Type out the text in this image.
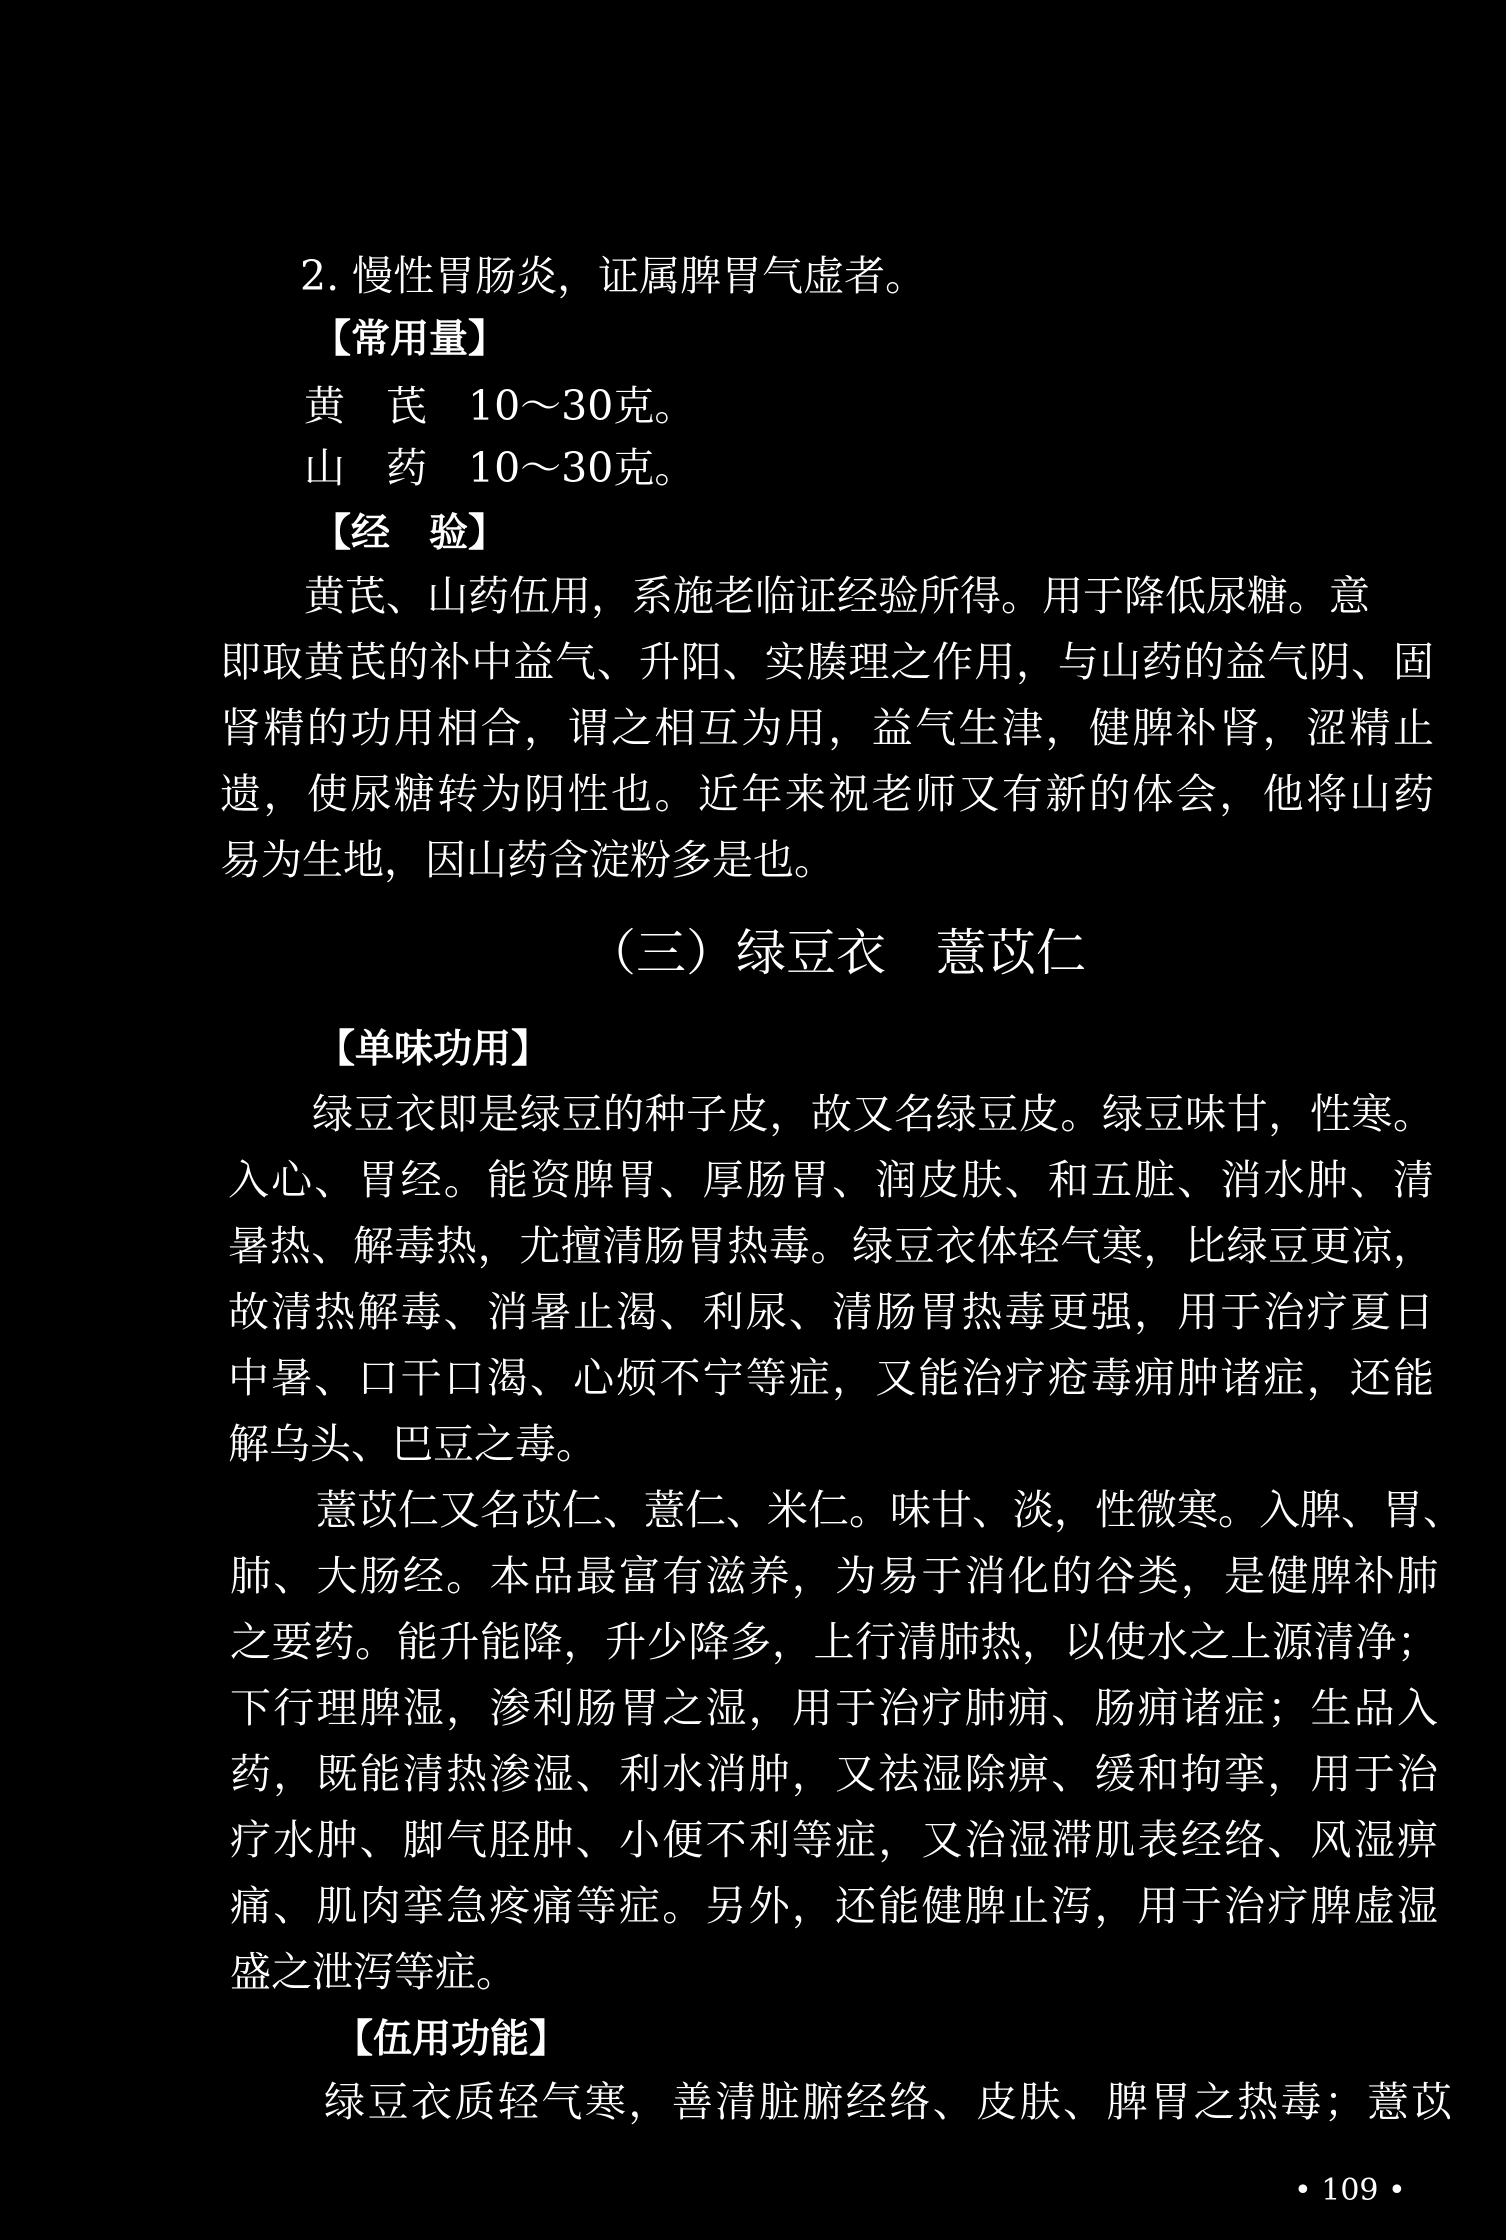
2. 慢性胃肠炎，证属脾胃气虚者。
【常用量】
黄　芪　10～30克。
山　药　10～30克。
【经　验】
黄芪、山药伍用，系施老临证经验所得。用于降低尿糖。意
即取黄芪的补中益气、升阳、实腠理之作用，与山药的益气阴、固
肾精的功用相合，谓之相互为用，益气生津，健脾补肾，涩精止
遗，使尿糖转为阴性也。近年来祝老师又有新的体会，他将山药
易为生地，因山药含淀粉多是也。
（三）绿豆衣　薏苡仁
【单味功用】
绿豆衣即是绿豆的种子皮，故又名绿豆皮。绿豆味甘，性寒。
入心、胃经。能资脾胃、厚肠胃、润皮肤、和五脏、消水肿、清
暑热、解毒热，尤擅清肠胃热毒。绿豆衣体轻气寒，比绿豆更凉，
故清热解毒、消暑止渴、利尿、清肠胃热毒更强，用于治疗夏日
中暑、口干口渴、心烦不宁等症，又能治疗疮毒痈肿诸症，还能
解乌头、巴豆之毒。
薏苡仁又名苡仁、薏仁、米仁。味甘、淡，性微寒。入脾、胃、
肺、大肠经。本品最富有滋养，为易于消化的谷类，是健脾补肺
之要药。能升能降，升少降多，上行清肺热，以使水之上源清净；
下行理脾湿，渗利肠胃之湿，用于治疗肺痈、肠痈诸症；生品入
药，既能清热渗湿、利水消肿，又祛湿除痹、缓和拘挛，用于治
疗水肿、脚气胫肿、小便不利等症，又治湿滞肌表经络、风湿痹
痛、肌肉挛急疼痛等症。另外，还能健脾止泻，用于治疗脾虚湿
盛之泄泻等症。
【伍用功能】
绿豆衣质轻气寒，善清脏腑经络、皮肤、脾胃之热毒；薏苡
• 109 •
